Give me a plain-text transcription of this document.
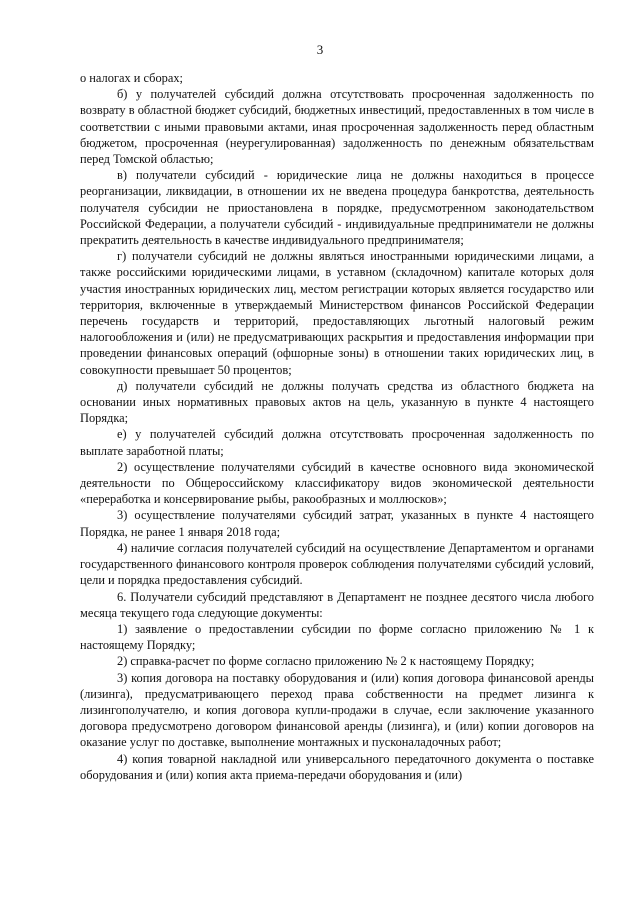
3

о налогах и сборах;

б) у получателей субсидий должна отсутствовать просроченная задолженность по возврату в областной бюджет субсидий, бюджетных инвестиций, предоставленных в том числе в соответствии с иными правовыми актами, иная просроченная задолженность перед областным бюджетом, просроченная (неурегулированная) задолженность по денежным обязательствам перед Томской областью;

в) получатели субсидий - юридические лица не должны находиться в процессе реорганизации, ликвидации, в отношении их не введена процедура банкротства, деятельность получателя субсидии не приостановлена в порядке, предусмотренном законодательством Российской Федерации, а получатели субсидий - индивидуальные предприниматели не должны прекратить деятельность в качестве индивидуального предпринимателя;

г) получатели субсидий не должны являться иностранными юридическими лицами, а также российскими юридическими лицами, в уставном (складочном) капитале которых доля участия иностранных юридических лиц, местом регистрации которых является государство или территория, включенные в утверждаемый Министерством финансов Российской Федерации перечень государств и территорий, предоставляющих льготный налоговый режим налогообложения и (или) не предусматривающих раскрытия и предоставления информации при проведении финансовых операций (офшорные зоны) в отношении таких юридических лиц, в совокупности превышает 50 процентов;

д) получатели субсидий не должны получать средства из областного бюджета на основании иных нормативных правовых актов на цель, указанную в пункте 4 настоящего Порядка;

е) у получателей субсидий должна отсутствовать просроченная задолженность по выплате заработной платы;

2) осуществление получателями субсидий в качестве основного вида экономической деятельности по Общероссийскому классификатору видов экономической деятельности «переработка и консервирование рыбы, ракообразных и моллюсков»;

3) осуществление получателями субсидий затрат, указанных в пункте 4 настоящего Порядка, не ранее 1 января 2018 года;

4) наличие согласия получателей субсидий на осуществление Департаментом и органами государственного финансового контроля проверок соблюдения получателями субсидий условий, цели и порядка предоставления субсидий.

6. Получатели субсидий представляют в Департамент не позднее десятого числа любого месяца текущего года следующие документы:

1) заявление о предоставлении субсидии по форме согласно приложению № 1 к настоящему Порядку;

2) справка-расчет по форме согласно приложению № 2 к настоящему Порядку;

3) копия договора на поставку оборудования и (или) копия договора финансовой аренды (лизинга), предусматривающего переход права собственности на предмет лизинга к лизингополучателю, и копия договора купли-продажи в случае, если заключение указанного договора предусмотрено договором финансовой аренды (лизинга), и (или) копии договоров на оказание услуг по доставке, выполнение монтажных и пусконаладочных работ;

4) копия товарной накладной или универсального передаточного документа о поставке оборудования и (или) копия акта приема-передачи оборудования и (или)
